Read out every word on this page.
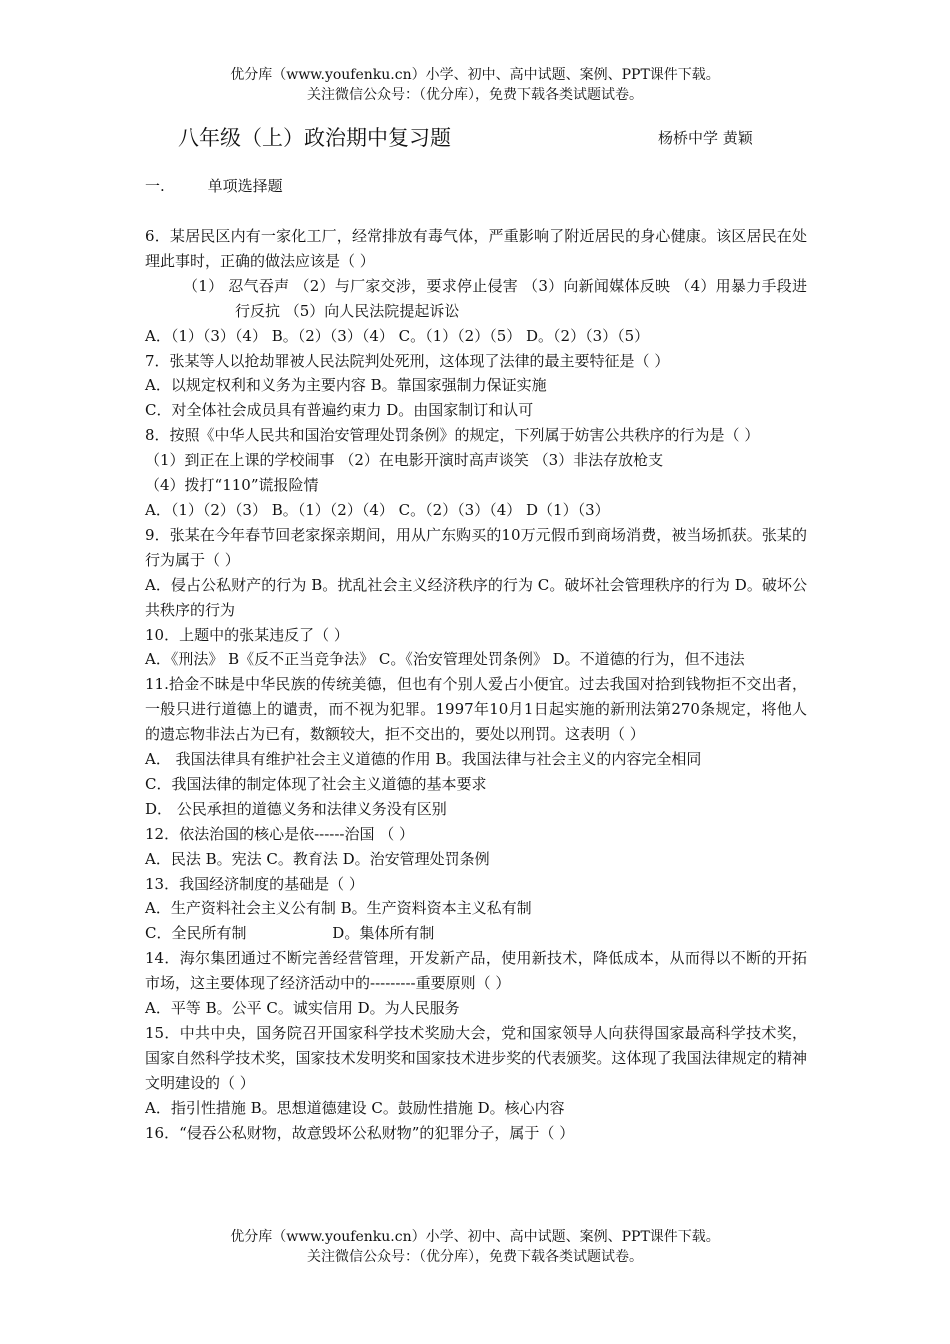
优分库（www.youfenku.cn）小学、初中、高中试题、案例、PPT课件下载。
关注微信公众号：（优分库），免费下载各类试题试卷。
八年级（上）政治期中复习题	杨桥中学 黄颖
一.	单项选择题

6．某居民区内有一家化工厂，经常排放有毒气体，严重影响了附近居民的身心健康。该区居民在处理此事时，正确的做法应该是（ ）

（1） 忍气吞声 （2）与厂家交涉，要求停止侵害 （3）向新闻媒体反映 （4）用暴力手段进行反抗 （5）向人民法院提起诉讼

A．（1）（3）（4） B。（2）（3）（4） C。（1）（2）（5） D。（2）（3）（5）

7．张某等人以抢劫罪被人民法院判处死刑，这体现了法律的最主要特征是（ ）

A．以规定权利和义务为主要内容 B。靠国家强制力保证实施

C．对全体社会成员具有普遍约束力 D。由国家制订和认可

8．按照《中华人民共和国治安管理处罚条例》的规定，下列属于妨害公共秩序的行为是（ ）

（1）到正在上课的学校闹事 （2）在电影开演时高声谈笑 （3）非法存放枪支

（4）拨打“110”谎报险情

A．（1）（2）（3） B。（1）（2）（4） C。（2）（3）（4） D（1）（3）

9．张某在今年春节回老家探亲期间，用从广东购买的10万元假币到商场消费，被当场抓获。张某的行为属于（ ）

A．侵占公私财产的行为 B。扰乱社会主义经济秩序的行为 C。破坏社会管理秩序的行为 D。破坏公共秩序的行为

10．上题中的张某违反了（ ）

A．《刑法》 B《反不正当竞争法》 C。《治安管理处罚条例》 D。不道德的行为，但不违法

11.拾金不昧是中华民族的传统美德，但也有个别人爱占小便宜。过去我国对拾到钱物拒不交出者，一般只进行道德上的谴责，而不视为犯罪。1997年10月1日起实施的新刑法第270条规定，将他人的遗忘物非法占为已有，数额较大，拒不交出的，要处以刑罚。这表明（ ）

A． 我国法律具有维护社会主义道德的作用 B。我国法律与社会主义的内容完全相同

C．我国法律的制定体现了社会主义道德的基本要求

D． 公民承担的道德义务和法律义务没有区别

12．依法治国的核心是依------治国 （ ）

A．民法 B。宪法 C。教育法 D。治安管理处罚条例

13．我国经济制度的基础是（ ）

A．生产资料社会主义公有制 B。生产资料资本主义私有制

C．全民所有制                  D。集体所有制

14．海尔集团通过不断完善经营管理，开发新产品，使用新技术，降低成本，从而得以不断的开拓市场，这主要体现了经济活动中的---------重要原则（ ）

A．平等 B。公平 C。诚实信用 D。为人民服务

15．中共中央，国务院召开国家科学技术奖励大会，党和国家领导人向获得国家最高科学技术奖，国家自然科学技术奖，国家技术发明奖和国家技术进步奖的代表颁奖。这体现了我国法律规定的精神文明建设的（ ）

A．指引性措施 B。思想道德建设 C。鼓励性措施 D。核心内容

16．“侵吞公私财物，故意毁坏公私财物”的犯罪分子，属于（ ）

优分库（www.youfenku.cn）小学、初中、高中试题、案例、PPT课件下载。
关注微信公众号：（优分库），免费下载各类试题试卷。
